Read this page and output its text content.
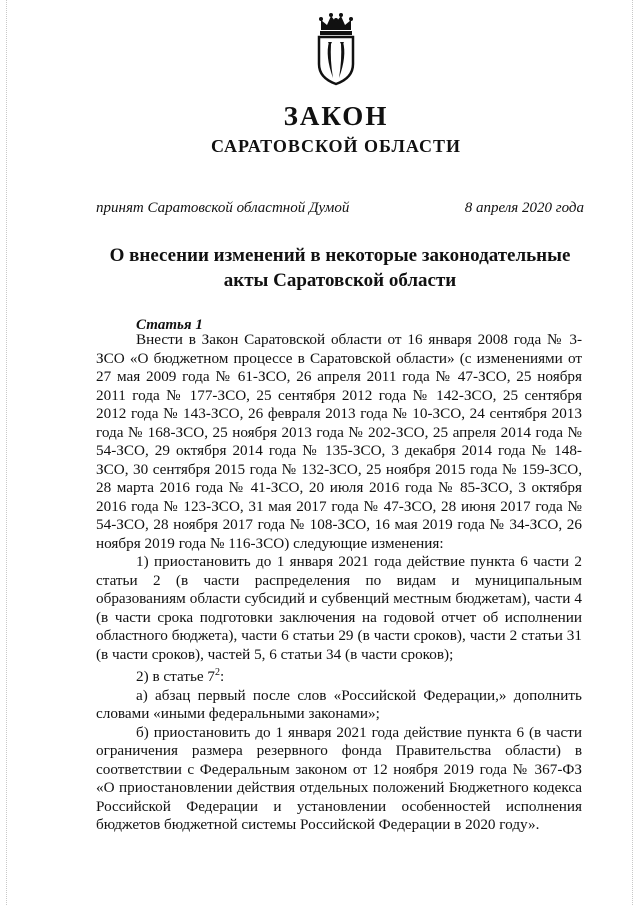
ЗАКОН
САРАТОВСКОЙ ОБЛАСТИ
принят Саратовской областной Думой	8 апреля 2020 года
О внесении изменений в некоторые законодательные акты Саратовской области
Статья 1

Внести в Закон Саратовской области от 16 января 2008 года № 3-ЗСО «О бюджетном процессе в Саратовской области» (с изменениями от 27 мая 2009 года № 61-ЗСО, 26 апреля 2011 года № 47-ЗСО, 25 ноября 2011 года № 177-ЗСО, 25 сентября 2012 года № 142-ЗСО, 25 сентября 2012 года № 143-ЗСО, 26 февраля 2013 года № 10-ЗСО, 24 сентября 2013 года № 168-ЗСО, 25 ноября 2013 года № 202-ЗСО, 25 апреля 2014 года № 54-ЗСО, 29 октября 2014 года № 135-ЗСО, 3 декабря 2014 года № 148-ЗСО, 30 сентября 2015 года № 132-ЗСО, 25 ноября 2015 года № 159-ЗСО, 28 марта 2016 года № 41-ЗСО, 20 июля 2016 года № 85-ЗСО, 3 октября 2016 года № 123-ЗСО, 31 мая 2017 года № 47-ЗСО, 28 июня 2017 года № 54-ЗСО, 28 ноября 2017 года № 108-ЗСО, 16 мая 2019 года № 34-ЗСО, 26 ноября 2019 года № 116-ЗСО) следующие изменения:

1) приостановить до 1 января 2021 года действие пункта 6 части 2 статьи 2 (в части распределения по видам и муниципальным образованиям области субсидий и субвенций местным бюджетам), части 4 (в части срока подготовки заключения на годовой отчет об исполнении областного бюджета), части 6 статьи 29 (в части сроков), части 2 статьи 31 (в части сроков), частей 5, 6 статьи 34 (в части сроков);

2) в статье $7^2$:

а) абзац первый после слов «Российской Федерации,» дополнить словами «иными федеральными законами»;

б) приостановить до 1 января 2021 года действие пункта 6 (в части ограничения размера резервного фонда Правительства области) в соответствии с Федеральным законом от 12 ноября 2019 года № 367-ФЗ «О приостановлении действия отдельных положений Бюджетного кодекса Российской Федерации и установлении особенностей исполнения бюджетов бюджетной системы Российской Федерации в 2020 году».
